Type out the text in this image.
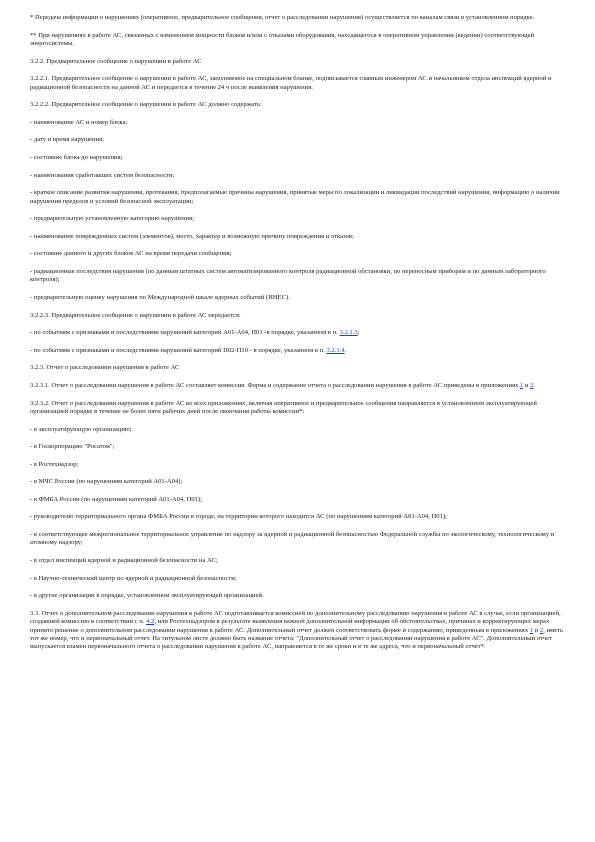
* Передача информации о нарушениях (оперативное, предварительное сообщения, отчет о расследовании нарушения) осуществляется по каналам связи в установленном порядке.

** При нарушениях в работе АС, связанных с изменением мощности блоков и/или с отказами оборудования, находящегося в оперативном управлении (ведении) соответствующей энергосистемы.

3.2.2. Предварительное сообщение о нарушении в работе АС

3.2.2.1. Предварительное сообщение о нарушении в работе АС, заполняемое на специальном бланке, подписывается главным инженером АС и начальником отдела инспекций ядерной и радиационной безопасности на данной АС и передается в течение 24 ч после выявления нарушения.

3.2.2.2. Предварительное сообщение о нарушении в работе АС должно содержать:

- наименование АС и номер блока;

- дату и время нарушения;

- состояние блока до нарушения;

- наименования сработавших систем безопасности;

- краткое описание развития нарушения, протекания, предполагаемые причины нарушения, принятые меры по локализации и ликвидации последствий нарушения, информацию о наличии нарушения пределов и условий безопасной эксплуатации;

- предварительную установленную категорию нарушения;

- наименование поврежденных систем (элементов), место, характер и возможную причину повреждения и отказов;

- состояние данного и других блоков АС на время передачи сообщения;

- радиационные последствия нарушения (по данным штатных систем автоматизированного контроля радиационной обстановки, по переносным приборам и по данным лабораторного контроля);

- предварительную оценку нарушения по Международной шкале ядерных событий (ИНЕС).

3.2.2.3. Предварительное сообщение о нарушении в работе АС передается:

- по событиям с признаками и последствиями нарушений категорий А01-А04, П01 -в порядке, указанном в п. 3.2.1.3;

- по событиям с признаками и последствиями нарушений категорий П02-П10 - в порядке, указанном в п. 3.2.1.4.

3.2.3. Отчет о расследовании нарушения в работе АС

3.2.3.1. Отчет о расследовании нарушения в работе АС составляет комиссия. Форма и содержание отчета о расследовании нарушения в работе АС приведены в приложениях 1 и 2.

3.2.3.2. Отчет о расследовании нарушения в работе АС во всех приложениях, включая оперативное и предварительное сообщения направляется в установленном эксплуатирующей организацией порядке в течение не более пяти рабочих дней после окончания работы комиссии*:

- в эксплуатирующую организацию;

- в Госкорпорацию "Росатом";

- в Ростехнадзор;

- в МЧС России (по нарушениям категорий А01-А04);

- в ФМБА России (по нарушениям категорий А01-А04, П01);

- руководителю территориального органа ФМБА России в городе, на территории которого находится АС (по нарушениям категорий А01-А04, П01);

- в соответствующее межрегиональное территориальное управление по надзору за ядерной и радиационной безопасностью Федеральной службы по экологическому, технологическому и атомному надзору;

- в отдел инспекций ядерной и радиационной безопасности на АС;

- в Научно-технический центр по ядерной и радиационной безопасности;

- в другие организации в порядке, установленном эксплуатирующей организацией.

3.3. Отчет о дополнительном расследовании нарушения в работе АС подготавливается комиссией по дополнительному расследованию нарушения в работе АС в случае, если организацией, создавшей комиссию в соответствии с п. 4.2, или Ростехнадзором в результате выявления важной дополнительной информации об обстоятельствах, причинах и корректирующих мерах принято решение о дополнительном расследовании нарушения в работе АС. Дополнительный отчет должен соответствовать форме и содержанию, приведенным в приложениях 1 и 2, иметь тот же номер, что и первоначальный отчет. На титульном листе должно быть название отчета: "Дополнительный отчет о расследовании нарушения в работе АС". Дополнительный отчет выпускается взамен первоначального отчета о расследовании нарушения в работе АС, направляется в те же сроки и в те же адреса, что и первоначальный отчет*.
